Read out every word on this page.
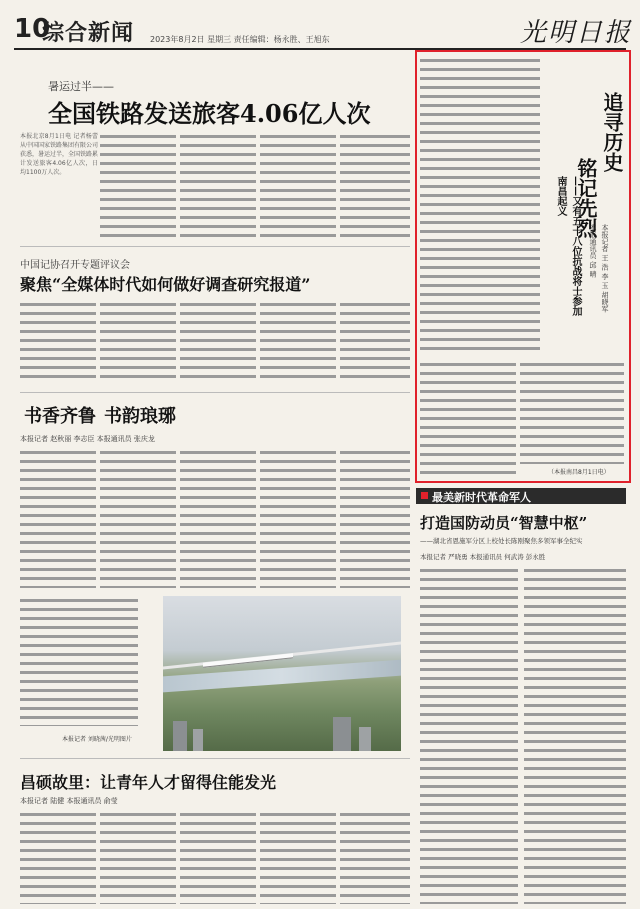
10
综合新闻 2023年8月2日 星期三 责任编辑：杨永胜、王旭东	光明日报
暑运过半——
全国铁路发送旅客4.06亿人次
本报北京8月1日电 记者杨蕾 从中国国家铁路集团有限公司获悉，暑运过半，全国铁路累计发送旅客4.06亿人次，日均1100万人次。
中国记协召开专题评议会
聚焦“全媒体时代如何做好调查研究报道”
书香齐鲁 书韵琅琊
本报记者 赵秋丽 李志臣 本报通讯员 张庆龙
本报记者 刘晓茜/光明图片
昌硕故里：让青年人才留得住能发光
本报记者 陆健 本报通讯员 俞莹
追寻历史
铭记先烈
——又有五十八位抗战将士参加南昌起义
本报记者 王 浩 李 玉 胡晓军
本报通讯员 邱 晴
（本报南昌8月1日电）
最美新时代革命军人
打造国防动员“智慧中枢”
——湖北省恩施军分区上校处长陈刚聚焦多领军事全纪实
本报记者 严晓勇 本报通讯员 何武涛 彭永胜
